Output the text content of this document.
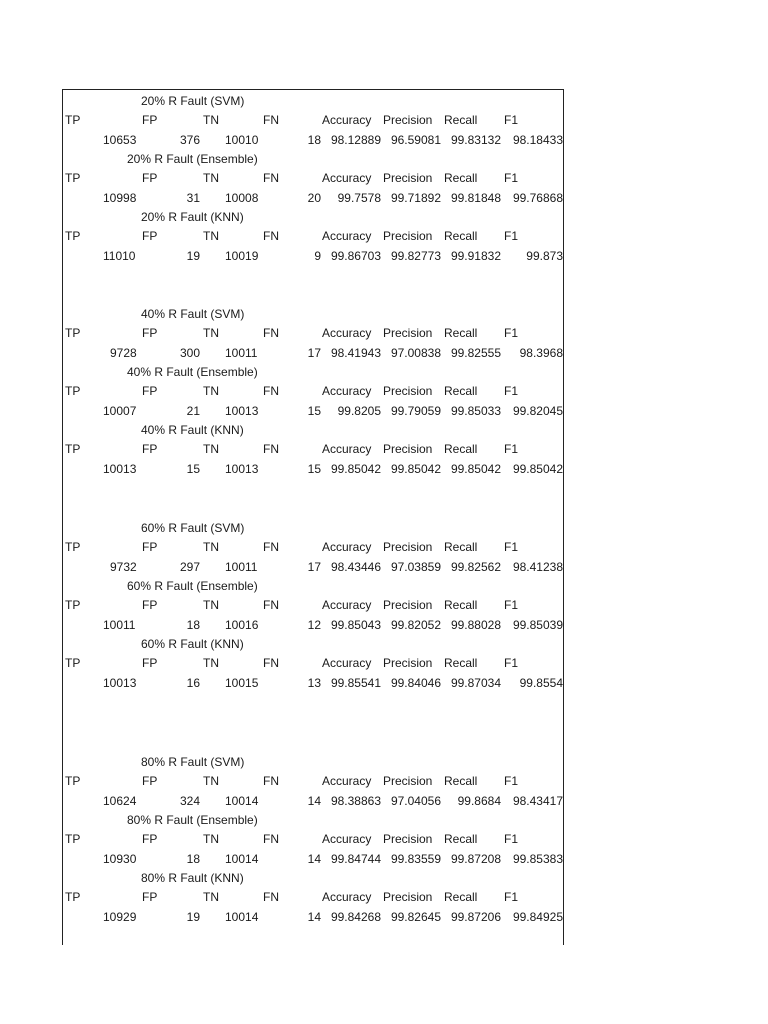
20% R Fault (SVM)
TP	FP	TN	FN	Accuracy Precision Recall F1
10653	376 10010	18 98.12889 96.59081 99.83132 98.18433
20% R Fault (Ensemble)
TP	FP	TN	FN	Accuracy Precision Recall F1
10998	31 10008	20	99.7578 99.71892 99.81848 99.76868
20% R Fault (KNN)
TP	FP	TN	FN	Accuracy Precision Recall F1
11010	19 10019	9 99.86703 99.82773 99.91832	99.873
40% R Fault (SVM)
TP	FP	TN	FN	Accuracy Precision Recall F1
9728	300 10011	17 98.41943 97.00838 99.82555	98.3968
40% R Fault (Ensemble)
TP	FP	TN	FN	Accuracy Precision Recall F1
10007	21 10013	15	99.8205 99.79059 99.85033 99.82045
40% R Fault (KNN)
TP	FP	TN	FN	Accuracy Precision Recall F1
10013	15 10013	15 99.85042 99.85042 99.85042 99.85042
60% R Fault (SVM)
TP	FP	TN	FN	Accuracy Precision Recall F1
9732	297 10011	17 98.43446 97.03859 99.82562 98.41238
60% R Fault (Ensemble)
TP	FP	TN	FN	Accuracy Precision Recall F1
10011	18 10016	12 99.85043 99.82052 99.88028 99.85039
60% R Fault (KNN)
TP	FP	TN	FN	Accuracy Precision Recall F1
10013	16 10015	13 99.85541 99.84046 99.87034	99.8554
80% R Fault (SVM)
TP	FP	TN	FN	Accuracy Precision Recall F1
10624	324 10014	14 98.38863 97.04056	99.8684 98.43417
80% R Fault (Ensemble)
TP	FP	TN	FN	Accuracy Precision Recall F1
10930	18 10014	14 99.84744 99.83559 99.87208 99.85383
80% R Fault (KNN)
TP	FP	TN	FN	Accuracy Precision Recall F1
10929	19 10014	14 99.84268 99.82645 99.87206 99.84925
